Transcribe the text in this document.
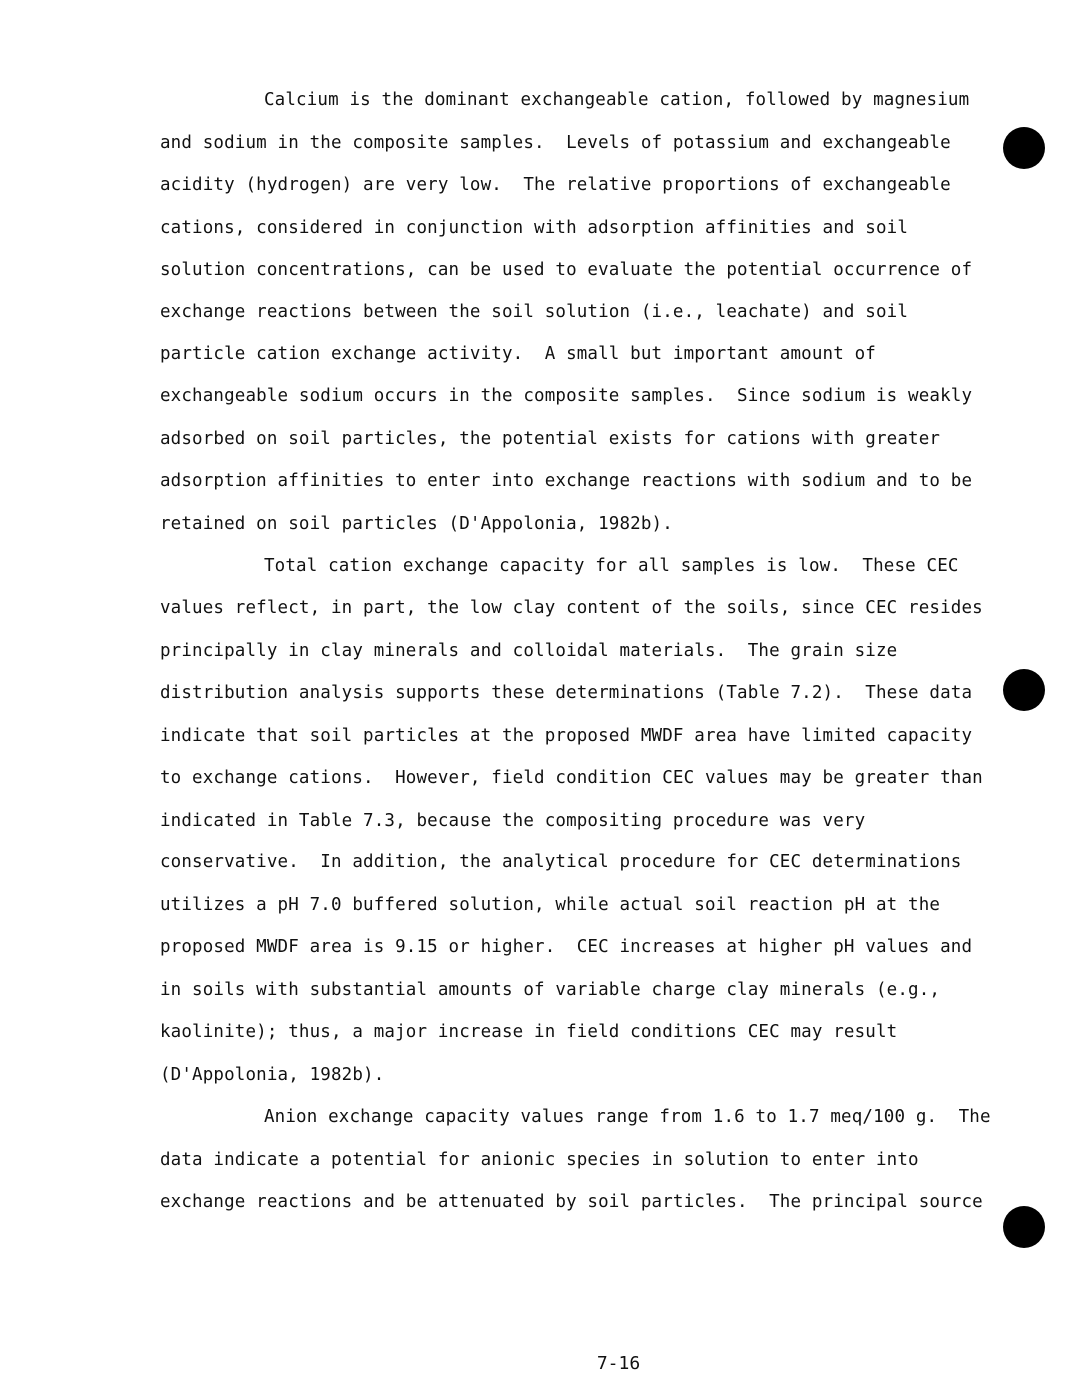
Calcium is the dominant exchangeable cation, followed by magnesium
and sodium in the composite samples.  Levels of potassium and exchangeable
acidity (hydrogen) are very low.  The relative proportions of exchangeable
cations, considered in conjunction with adsorption affinities and soil
solution concentrations, can be used to evaluate the potential occurrence of
exchange reactions between the soil solution (i.e., leachate) and soil
particle cation exchange activity.  A small but important amount of
exchangeable sodium occurs in the composite samples.  Since sodium is weakly
adsorbed on soil particles, the potential exists for cations with greater
adsorption affinities to enter into exchange reactions with sodium and to be
retained on soil particles (D'Appolonia, 1982b).
Total cation exchange capacity for all samples is low.  These CEC
values reflect, in part, the low clay content of the soils, since CEC resides
principally in clay minerals and colloidal materials.  The grain size
distribution analysis supports these determinations (Table 7.2).  These data
indicate that soil particles at the proposed MWDF area have limited capacity
to exchange cations.  However, field condition CEC values may be greater than
indicated in Table 7.3, because the compositing procedure was very
conservative.  In addition, the analytical procedure for CEC determinations
utilizes a pH 7.0 buffered solution, while actual soil reaction pH at the
proposed MWDF area is 9.15 or higher.  CEC increases at higher pH values and
in soils with substantial amounts of variable charge clay minerals (e.g.,
kaolinite); thus, a major increase in field conditions CEC may result
(D'Appolonia, 1982b).
Anion exchange capacity values range from 1.6 to 1.7 meq/100 g.  The
data indicate a potential for anionic species in solution to enter into
exchange reactions and be attenuated by soil particles.  The principal source
7-16
